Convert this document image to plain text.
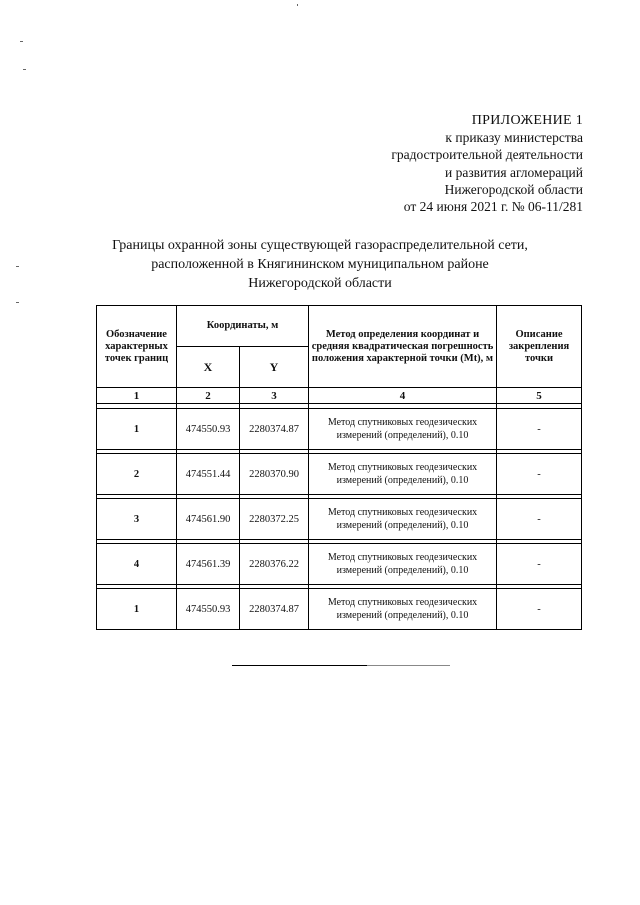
ПРИЛОЖЕНИЕ 1
к приказу министерства
градостроительной деятельности
и развития агломераций
Нижегородской области
от 24 июня 2021 г. № 06-11/281
Границы охранной зоны существующей газораспределительной сети,
расположенной в Княгининском муниципальном районе
Нижегородской области
Обозначение характерных точек границ	Координаты, м		Метод определения координат и средняя квадратическая погрешность положения характерной точки (Mt), м	Описание закрепления точки
	X	Y		
1	2	3	4	5

1	474550.93	2280374.87	Метод спутниковых геодезических измерений (определений), 0.10	-

2	474551.44	2280370.90	Метод спутниковых геодезических измерений (определений), 0.10	-

3	474561.90	2280372.25	Метод спутниковых геодезических измерений (определений), 0.10	-

4	474561.39	2280376.22	Метод спутниковых геодезических измерений (определений), 0.10	-

1	474550.93	2280374.87	Метод спутниковых геодезических измерений (определений), 0.10	-
